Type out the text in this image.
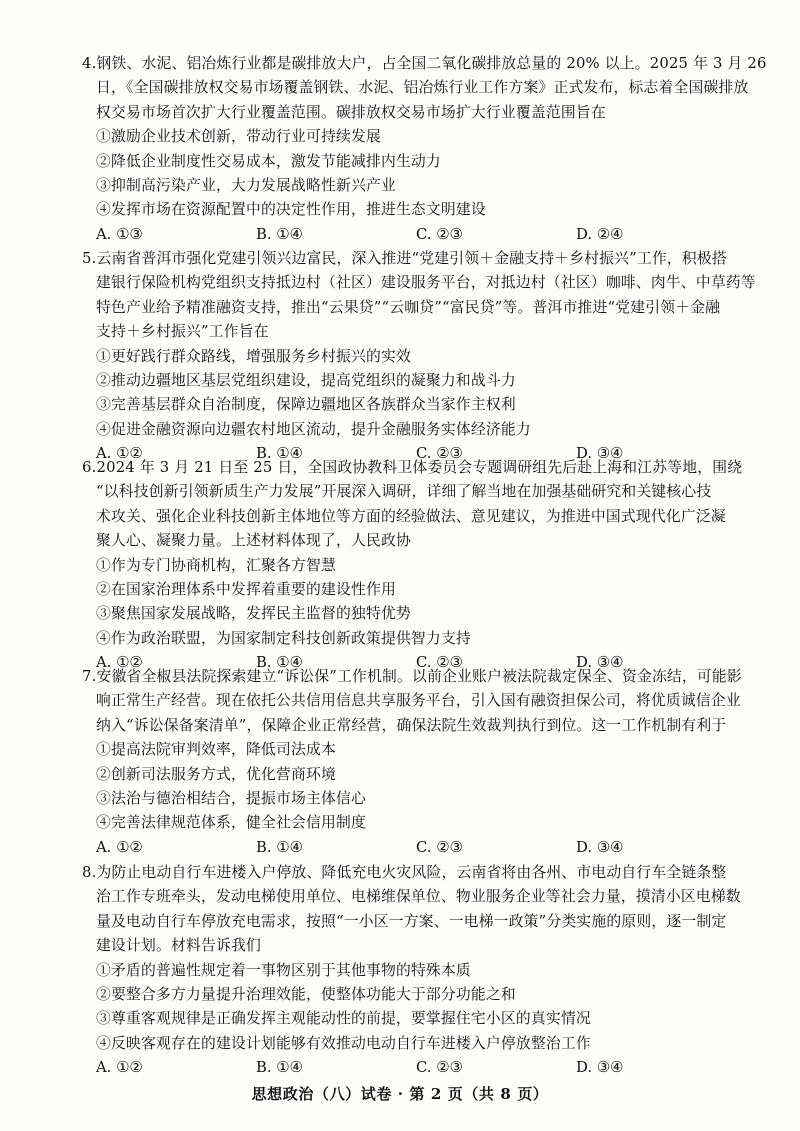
4.钢铁、水泥、铝冶炼行业都是碳排放大户，占全国二氧化碳排放总量的 20% 以上。2025 年 3 月 26
日，《全国碳排放权交易市场覆盖钢铁、水泥、铝冶炼行业工作方案》正式发布，标志着全国碳排放
权交易市场首次扩大行业覆盖范围。碳排放权交易市场扩大行业覆盖范围旨在
①激励企业技术创新，带动行业可持续发展
②降低企业制度性交易成本，激发节能减排内生动力
③抑制高污染产业，大力发展战略性新兴产业
④发挥市场在资源配置中的决定性作用，推进生态文明建设
A. ①③	B. ①④	C. ②③	D. ②④
5.云南省普洱市强化党建引领兴边富民，深入推进“党建引领＋金融支持＋乡村振兴”工作，积极搭
建银行保险机构党组织支持抵边村（社区）建设服务平台，对抵边村（社区）咖啡、肉牛、中草药等
特色产业给予精准融资支持，推出“云果贷”“云咖贷”“富民贷”等。普洱市推进“党建引领＋金融
支持＋乡村振兴”工作旨在
①更好践行群众路线，增强服务乡村振兴的实效
②推动边疆地区基层党组织建设，提高党组织的凝聚力和战斗力
③完善基层群众自治制度，保障边疆地区各族群众当家作主权利
④促进金融资源向边疆农村地区流动，提升金融服务实体经济能力
A. ①②	B. ①④	C. ②③	D. ③④
6.2024 年 3 月 21 日至 25 日，全国政协教科卫体委员会专题调研组先后赴上海和江苏等地，围绕
“以科技创新引领新质生产力发展”开展深入调研，详细了解当地在加强基础研究和关键核心技
术攻关、强化企业科技创新主体地位等方面的经验做法、意见建议，为推进中国式现代化广泛凝
聚人心、凝聚力量。上述材料体现了，人民政协
①作为专门协商机构，汇聚各方智慧
②在国家治理体系中发挥着重要的建设性作用
③聚焦国家发展战略，发挥民主监督的独特优势
④作为政治联盟，为国家制定科技创新政策提供智力支持
A. ①②	B. ①④	C. ②③	D. ③④
7.安徽省全椒县法院探索建立“诉讼保”工作机制。以前企业账户被法院裁定保全、资金冻结，可能影
响正常生产经营。现在依托公共信用信息共享服务平台，引入国有融资担保公司，将优质诚信企业
纳入“诉讼保备案清单”，保障企业正常经营，确保法院生效裁判执行到位。这一工作机制有利于
①提高法院审判效率，降低司法成本
②创新司法服务方式，优化营商环境
③法治与德治相结合，提振市场主体信心
④完善法律规范体系，健全社会信用制度
A. ①②	B. ①④	C. ②③	D. ③④
8.为防止电动自行车进楼入户停放、降低充电火灾风险，云南省将由各州、市电动自行车全链条整
治工作专班牵头，发动电梯使用单位、电梯维保单位、物业服务企业等社会力量，摸清小区电梯数
量及电动自行车停放充电需求，按照“一小区一方案、一电梯一政策”分类实施的原则，逐一制定
建设计划。材料告诉我们
①矛盾的普遍性规定着一事物区别于其他事物的特殊本质
②要整合多方力量提升治理效能，使整体功能大于部分功能之和
③尊重客观规律是正确发挥主观能动性的前提，要掌握住宅小区的真实情况
④反映客观存在的建设计划能够有效推动电动自行车进楼入户停放整治工作
A. ①②	B. ①④	C. ②③	D. ③④
思想政治（八）试卷 · 第 2 页（共 8 页）
